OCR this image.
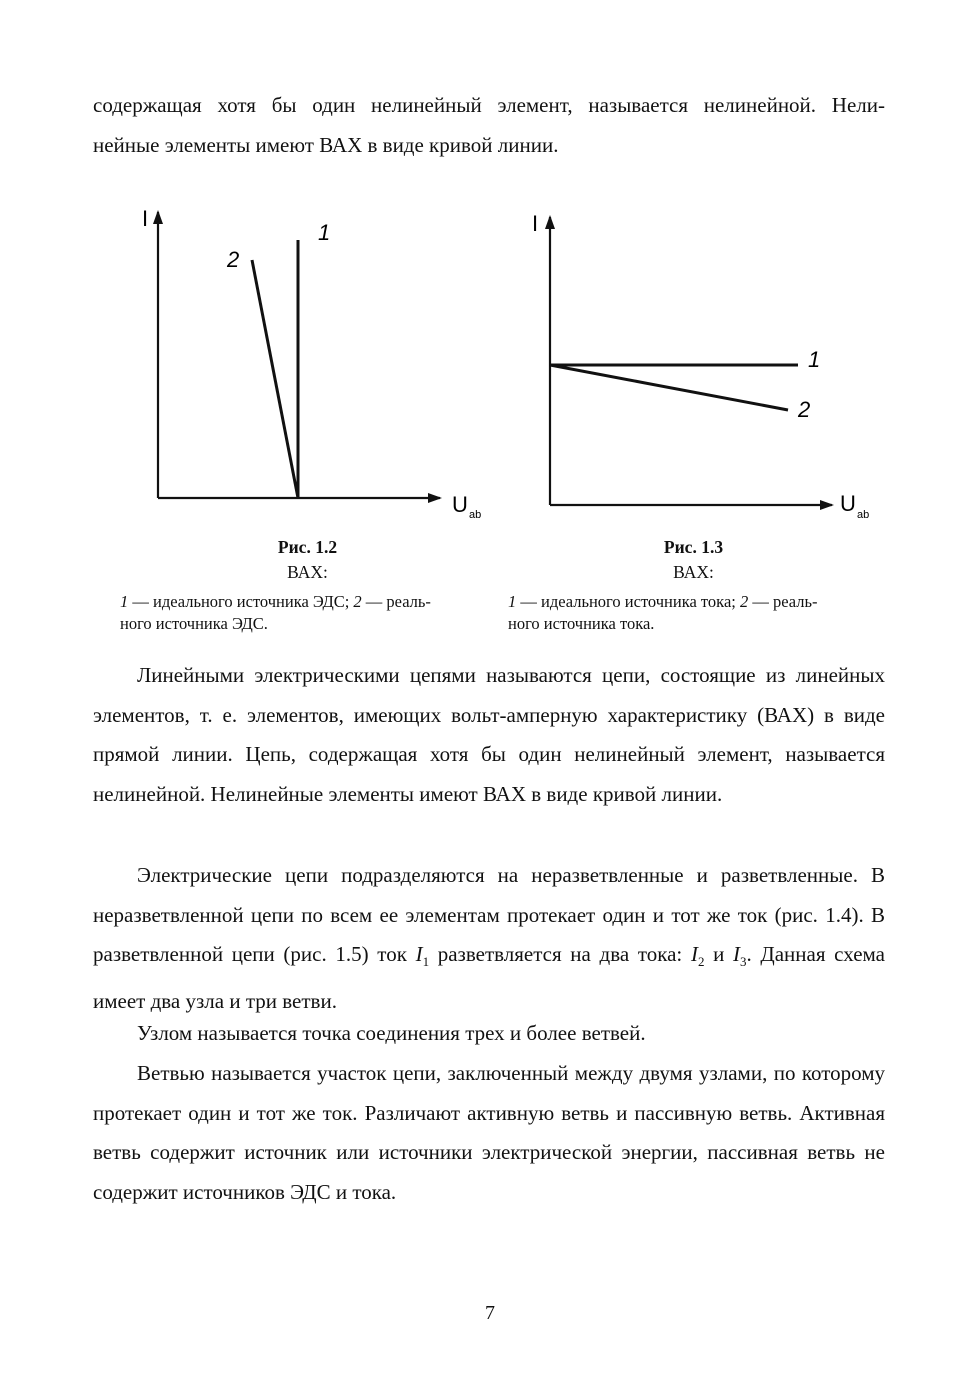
содержащая хотя бы один нелинейный элемент, называется нелинейной. Нели-
нейные элементы имеют ВАХ в виде кривой линии.
I
U ab
1
2
Рис. 1.2
ВАХ:
1 — идеального источника ЭДС; 2 — реаль-
ного источника ЭДС.
I
U ab
1
2
Рис. 1.3
ВАХ:
1 — идеального источника тока; 2 — реаль-
ного источника тока.

Линейными электрическими цепями называются цепи, состоящие из линейных элементов, т. е. элементов, имеющих вольт-амперную характеристику (ВАХ) в виде прямой линии. Цепь, содержащая хотя бы один нелинейный элемент, называется нелинейной. Нелинейные элементы имеют ВАХ в виде кривой линии.

Электрические цепи подразделяются на неразветвленные и разветвленные. В неразветвленной цепи по всем ее элементам протекает один и тот же ток (рис. 1.4). В разветвленной цепи (рис. 1.5) ток $I_1$ разветвляется на два тока: $I_2$ и $I_3$. Данная схема имеет два узла и три ветви.

Узлом называется точка соединения трех и более ветвей.

Ветвью называется участок цепи, заключенный между двумя узлами, по которому протекает один и тот же ток. Различают активную ветвь и пассивную ветвь. Активная ветвь содержит источник или источники электрической энергии, пассивная ветвь не содержит источников ЭДС и тока.

7
